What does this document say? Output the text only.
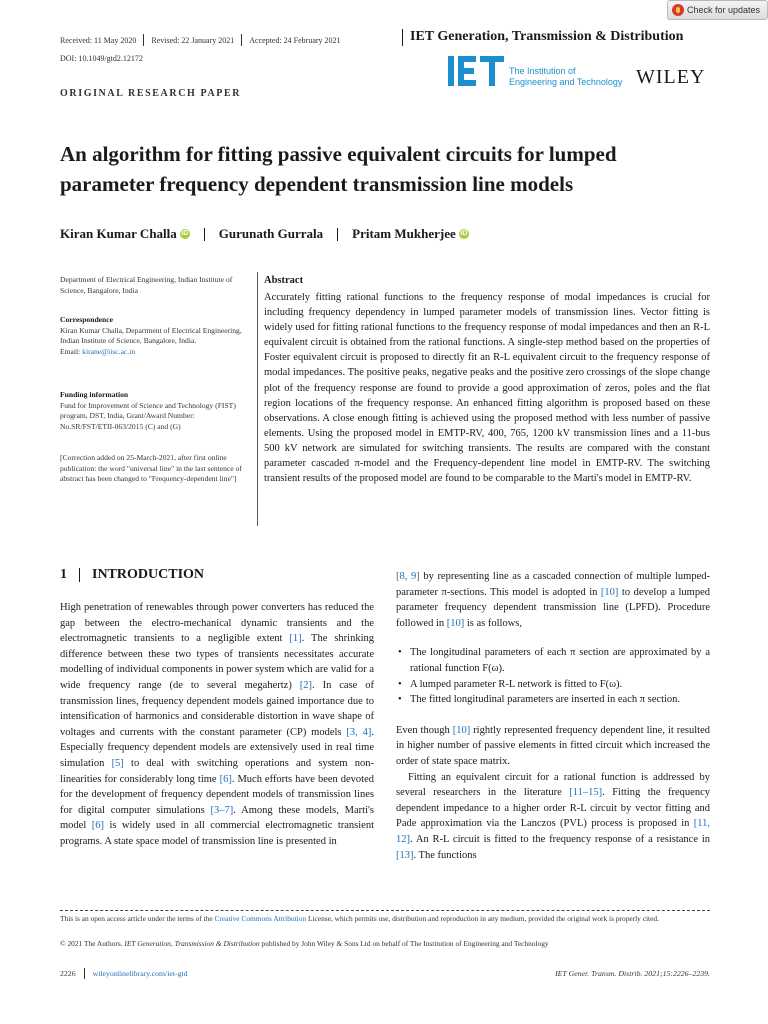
Check for updates
Received: 11 May 2020 Revised: 22 January 2021 Accepted: 24 February 2021	IET Generation, Transmission & Distribution
DOI: 10.1049/gtd2.12172
The Institution of
Engineering and Technology WILEY
ORIGINAL RESEARCH PAPER
An algorithm for fitting passive equivalent circuits for lumped parameter frequency dependent transmission line models
Kiran Kumar Challa iD Gurunath Gurrala Pritam Mukherjee iD
Department of Electrical Engineering, Indian Institute of Science, Bangalore, India
Correspondence
Kiran Kumar Challa, Department of Electrical Engineering, Indian Institute of Science, Bangalore, India.
Email: kirane@iisc.ac.in
Funding information
Fund for Improvement of Science and Technology (FIST) program, DST, India, Grant/Award Number: No.SR/FST/ETII-063/2015 (C) and (G)
[Correction added on 25-March-2021, after first online publication: the word "universal line" in the last sentence of abstract has been changed to "Frequency-dependent line"]
Abstract
Accurately fitting rational functions to the frequency response of modal impedances is crucial for including frequency dependency in lumped parameter models of transmission lines. Vector fitting is widely used for fitting rational functions to the frequency response of modal impedances and then an R-L equivalent circuit is obtained from the rational functions. A single-step method based on the properties of Foster equivalent circuit is proposed to directly fit an R-L equivalent circuit to the frequency response of modal impedances. The positive peaks, negative peaks and the positive zero crossings of the slope change plot of the frequency response are found to provide a good approximation of zeros, poles and the flat region locations of the frequency response. An enhanced fitting algorithm is proposed based on these observations. A close enough fitting is achieved using the proposed method with less number of passive elements. Using the proposed model in EMTP-RV, 400, 765, 1200 kV transmission lines and a 11-bus 500 kV network are simulated for switching transients. The results are compared with the constant parameter cascaded π-model and the Frequency-dependent line model in EMTP-RV. The switching transient results of the proposed model are found to be comparable to the Marti's model in EMTP-RV.
1 INTRODUCTION

High penetration of renewables through power converters has reduced the gap between the electro-mechanical dynamic transients and the electromagnetic transients to a negligible extent [1]. The shrinking difference between these two types of transients necessitates accurate modelling of individual components in power system which are valid for a wide frequency range (de to several megahertz) [2]. In case of transmission lines, frequency dependent models gained importance due to intensification of harmonics and considerable distortion in wave shape of voltages and currents with the constant parameter (CP) models [3, 4]. Especially frequency dependent models are extensively used in real time simulation [5] to deal with switching operations and system non-linearities for considerably long time [6]. Much efforts have been devoted for the development of frequency dependent models of transmission lines for digital computer simulations [3–7]. Among these models, Marti's model [6] is widely used in all commercial electromagnetic transient programs. A state space model of transmission line is presented in

[8, 9] by representing line as a cascaded connection of multiple lumped-parameter π-sections. This model is adopted in [10] to develop a lumped parameter frequency dependent transmission line (LPFD). Procedure followed in [10] is as follows,

• The longitudinal parameters of each π section are approximated by a rational function F(ω).
• A lumped parameter R-L network is fitted to F(ω).
• The fitted longitudinal parameters are inserted in each π section.

Even though [10] rightly represented frequency dependent line, it resulted in higher number of passive elements in fitted circuit which increased the order of state space matrix.

Fitting an equivalent circuit for a rational function is addressed by several researchers in the literature [11–15]. Fitting the frequency dependent impedance to a higher order R-L circuit by vector fitting and Pade approximation via the Lanczos (PVL) process is proposed in [11, 12]. An R-L circuit is fitted to the frequency response of a resistance in [13]. The functions

This is an open access article under the terms of the Creative Commons Attribution License, which permits use, distribution and reproduction in any medium, provided the original work is properly cited.
© 2021 The Authors. IET Generation, Transmission & Distribution published by John Wiley & Sons Ltd on behalf of The Institution of Engineering and Technology
2226 wileyonlinelibrary.com/iet-gtd	IET Gener. Transm. Distrib. 2021;15:2226–2239.
